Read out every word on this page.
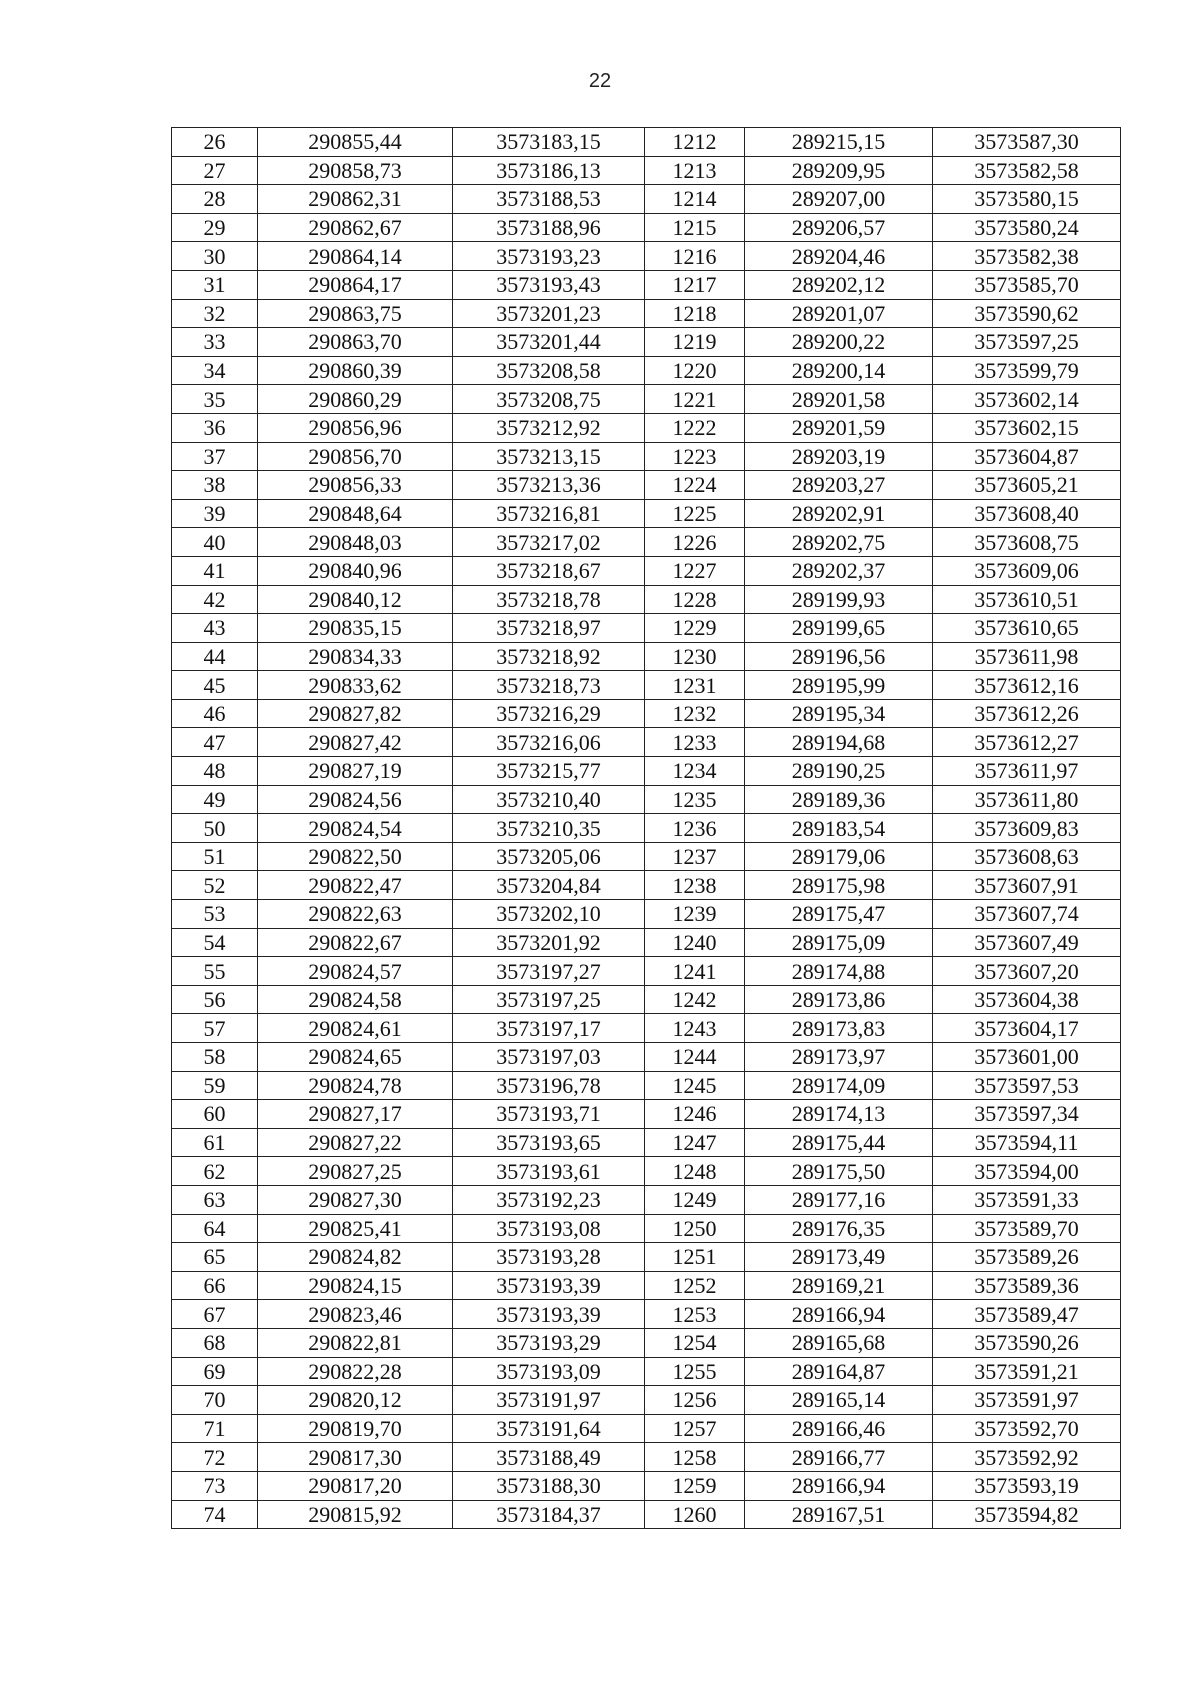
22
26	290855,44	3573183,15	1212	289215,15	3573587,30
27	290858,73	3573186,13	1213	289209,95	3573582,58
28	290862,31	3573188,53	1214	289207,00	3573580,15
29	290862,67	3573188,96	1215	289206,57	3573580,24
30	290864,14	3573193,23	1216	289204,46	3573582,38
31	290864,17	3573193,43	1217	289202,12	3573585,70
32	290863,75	3573201,23	1218	289201,07	3573590,62
33	290863,70	3573201,44	1219	289200,22	3573597,25
34	290860,39	3573208,58	1220	289200,14	3573599,79
35	290860,29	3573208,75	1221	289201,58	3573602,14
36	290856,96	3573212,92	1222	289201,59	3573602,15
37	290856,70	3573213,15	1223	289203,19	3573604,87
38	290856,33	3573213,36	1224	289203,27	3573605,21
39	290848,64	3573216,81	1225	289202,91	3573608,40
40	290848,03	3573217,02	1226	289202,75	3573608,75
41	290840,96	3573218,67	1227	289202,37	3573609,06
42	290840,12	3573218,78	1228	289199,93	3573610,51
43	290835,15	3573218,97	1229	289199,65	3573610,65
44	290834,33	3573218,92	1230	289196,56	3573611,98
45	290833,62	3573218,73	1231	289195,99	3573612,16
46	290827,82	3573216,29	1232	289195,34	3573612,26
47	290827,42	3573216,06	1233	289194,68	3573612,27
48	290827,19	3573215,77	1234	289190,25	3573611,97
49	290824,56	3573210,40	1235	289189,36	3573611,80
50	290824,54	3573210,35	1236	289183,54	3573609,83
51	290822,50	3573205,06	1237	289179,06	3573608,63
52	290822,47	3573204,84	1238	289175,98	3573607,91
53	290822,63	3573202,10	1239	289175,47	3573607,74
54	290822,67	3573201,92	1240	289175,09	3573607,49
55	290824,57	3573197,27	1241	289174,88	3573607,20
56	290824,58	3573197,25	1242	289173,86	3573604,38
57	290824,61	3573197,17	1243	289173,83	3573604,17
58	290824,65	3573197,03	1244	289173,97	3573601,00
59	290824,78	3573196,78	1245	289174,09	3573597,53
60	290827,17	3573193,71	1246	289174,13	3573597,34
61	290827,22	3573193,65	1247	289175,44	3573594,11
62	290827,25	3573193,61	1248	289175,50	3573594,00
63	290827,30	3573192,23	1249	289177,16	3573591,33
64	290825,41	3573193,08	1250	289176,35	3573589,70
65	290824,82	3573193,28	1251	289173,49	3573589,26
66	290824,15	3573193,39	1252	289169,21	3573589,36
67	290823,46	3573193,39	1253	289166,94	3573589,47
68	290822,81	3573193,29	1254	289165,68	3573590,26
69	290822,28	3573193,09	1255	289164,87	3573591,21
70	290820,12	3573191,97	1256	289165,14	3573591,97
71	290819,70	3573191,64	1257	289166,46	3573592,70
72	290817,30	3573188,49	1258	289166,77	3573592,92
73	290817,20	3573188,30	1259	289166,94	3573593,19
74	290815,92	3573184,37	1260	289167,51	3573594,82
